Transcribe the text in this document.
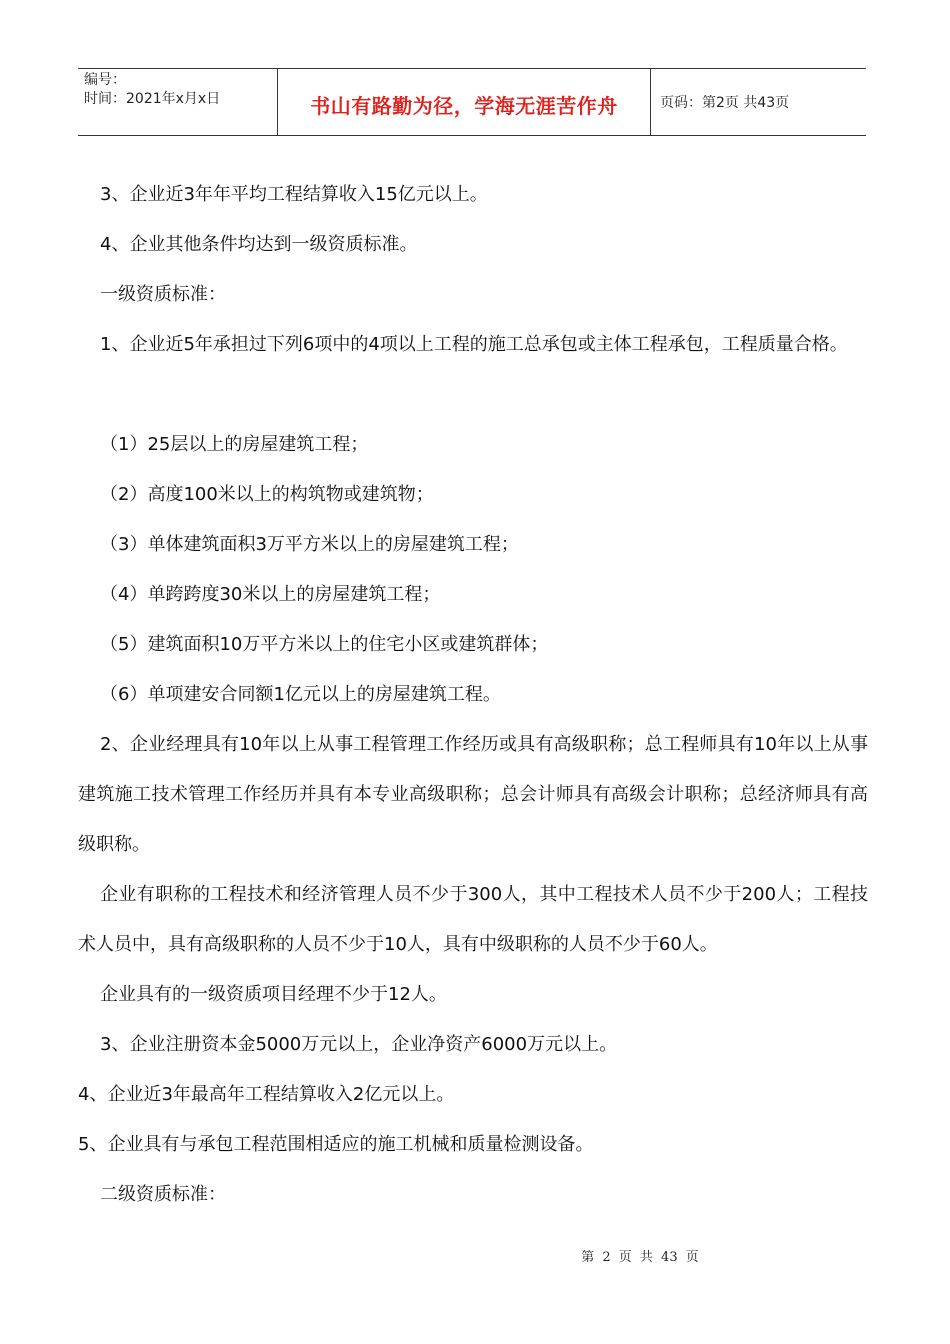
编号：
时间：2021年x月x日	书山有路勤为径，学海无涯苦作舟	页码：第2页 共43页
3、企业近3年年平均工程结算收入15亿元以上。
4、企业其他条件均达到一级资质标准。
一级资质标准：
1、企业近5年承担过下列6项中的4项以上工程的施工总承包或主体工程承包，工程质量合格。
（1）25层以上的房屋建筑工程；
（2）高度100米以上的构筑物或建筑物；
（3）单体建筑面积3万平方米以上的房屋建筑工程；
（4）单跨跨度30米以上的房屋建筑工程；
（5）建筑面积10万平方米以上的住宅小区或建筑群体；
（6）单项建安合同额1亿元以上的房屋建筑工程。
2、企业经理具有10年以上从事工程管理工作经历或具有高级职称；总工程师具有10年以上从事建筑施工技术管理工作经历并具有本专业高级职称；总会计师具有高级会计职称；总经济师具有高级职称。
企业有职称的工程技术和经济管理人员不少于300人，其中工程技术人员不少于200人；工程技术人员中，具有高级职称的人员不少于10人，具有中级职称的人员不少于60人。
企业具有的一级资质项目经理不少于12人。
3、企业注册资本金5000万元以上，企业净资产6000万元以上。
4、企业近3年最高年工程结算收入2亿元以上。
5、企业具有与承包工程范围相适应的施工机械和质量检测设备。
二级资质标准：
第 2 页 共 43 页
